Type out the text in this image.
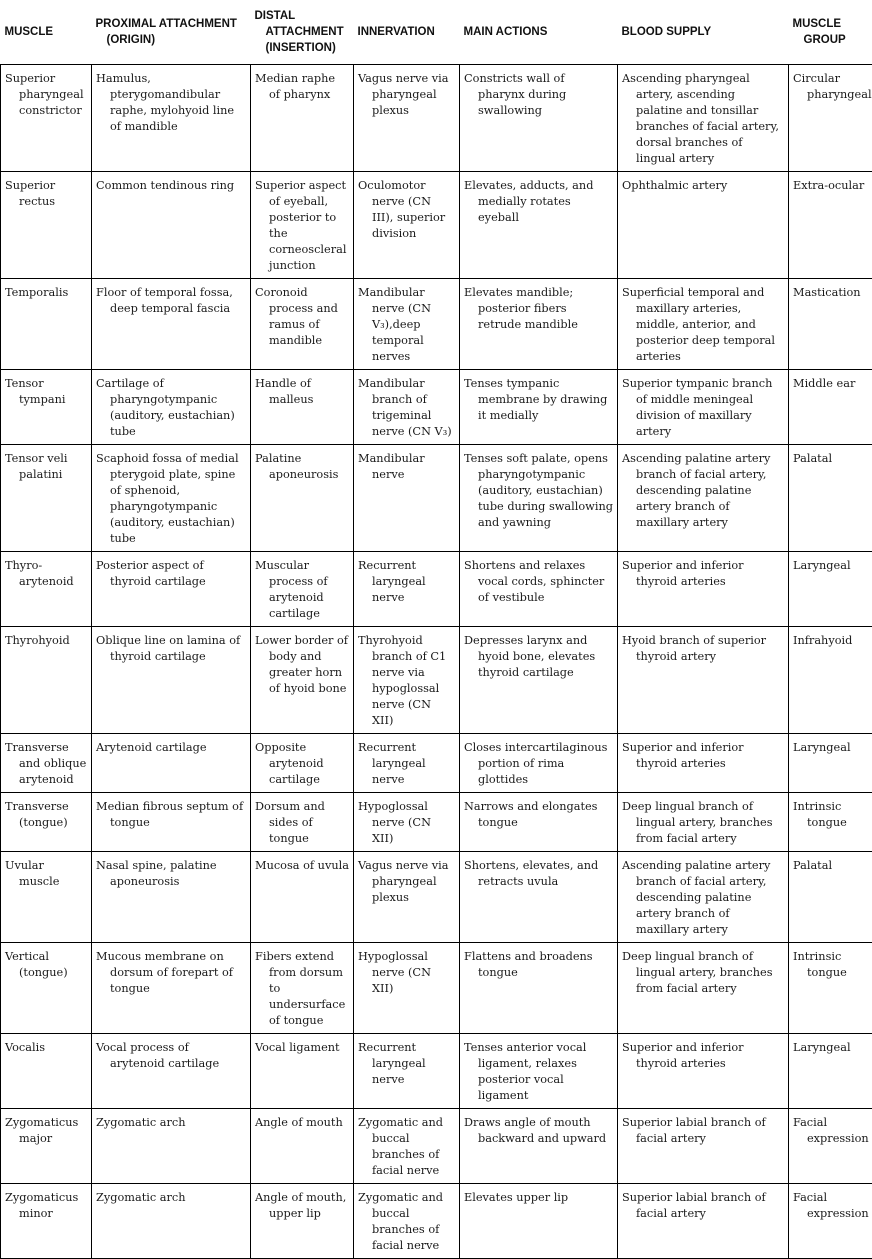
MUSCLE	PROXIMAL ATTACHMENT (ORIGIN)	DISTAL ATTACHMENT (INSERTION)	INNERVATION	MAIN ACTIONS	BLOOD SUPPLY	MUSCLE GROUP

Superior pharyngeal constrictor	Hamulus, pterygomandibular raphe, mylohyoid line of mandible	Median raphe of pharynx	Vagus nerve via pharyngeal plexus	Constricts wall of pharynx during swallowing	Ascending pharyngeal artery, ascending palatine and tonsillar branches of facial artery, dorsal branches of lingual artery	Circular pharyngeal

Superior rectus	Common tendinous ring	Superior aspect of eyeball, posterior to the corneoscleral junction	Oculomotor nerve (CN III), superior division	Elevates, adducts, and medially rotates eyeball	Ophthalmic artery	Extra-ocular

Temporalis	Floor of temporal fossa, deep temporal fascia	Coronoid process and ramus of mandible	Mandibular nerve (CN V₃),deep temporal nerves	Elevates mandible; posterior fibers retrude mandible	Superficial temporal and maxillary arteries, middle, anterior, and posterior deep temporal arteries	Mastication

Tensor tympani	Cartilage of pharyngotympanic (auditory, eustachian) tube	Handle of malleus	Mandibular branch of trigeminal nerve (CN V₃)	Tenses tympanic membrane by drawing it medially	Superior tympanic branch of middle meningeal division of maxillary artery	Middle ear

Tensor veli palatini	Scaphoid fossa of medial pterygoid plate, spine of sphenoid, pharyngotympanic (auditory, eustachian) tube	Palatine aponeurosis	Mandibular nerve	Tenses soft palate, opens pharyngotympanic (auditory, eustachian) tube during swallowing and yawning	Ascending palatine artery branch of facial artery, descending palatine artery branch of maxillary artery	Palatal

Thyro-arytenoid	Posterior aspect of thyroid cartilage	Muscular process of arytenoid cartilage	Recurrent laryngeal nerve	Shortens and relaxes vocal cords, sphincter of vestibule	Superior and inferior thyroid arteries	Laryngeal

Thyrohyoid	Oblique line on lamina of thyroid cartilage	Lower border of body and greater horn of hyoid bone	Thyrohyoid branch of C1 nerve via hypoglossal nerve (CN XII)	Depresses larynx and hyoid bone, elevates thyroid cartilage	Hyoid branch of superior thyroid artery	Infrahyoid

Transverse and oblique arytenoid	Arytenoid cartilage	Opposite arytenoid cartilage	Recurrent laryngeal nerve	Closes intercartilaginous portion of rima glottides	Superior and inferior thyroid arteries	Laryngeal

Transverse (tongue)	Median fibrous septum of tongue	Dorsum and sides of tongue	Hypoglossal nerve (CN XII)	Narrows and elongates tongue	Deep lingual branch of lingual artery, branches from facial artery	Intrinsic tongue

Uvular muscle	Nasal spine, palatine aponeurosis	Mucosa of uvula	Vagus nerve via pharyngeal plexus	Shortens, elevates, and retracts uvula	Ascending palatine artery branch of facial artery, descending palatine artery branch of maxillary artery	Palatal

Vertical (tongue)	Mucous membrane on dorsum of forepart of tongue	Fibers extend from dorsum to undersurface of tongue	Hypoglossal nerve (CN XII)	Flattens and broadens tongue	Deep lingual branch of lingual artery, branches from facial artery	Intrinsic tongue

Vocalis	Vocal process of arytenoid cartilage	Vocal ligament	Recurrent laryngeal nerve	Tenses anterior vocal ligament, relaxes posterior vocal ligament	Superior and inferior thyroid arteries	Laryngeal

Zygomaticus major	Zygomatic arch	Angle of mouth	Zygomatic and buccal branches of facial nerve	Draws angle of mouth backward and upward	Superior labial branch of facial artery	Facial expression

Zygomaticus minor	Zygomatic arch	Angle of mouth, upper lip	Zygomatic and buccal branches of facial nerve	Elevates upper lip	Superior labial branch of facial artery	Facial expression
